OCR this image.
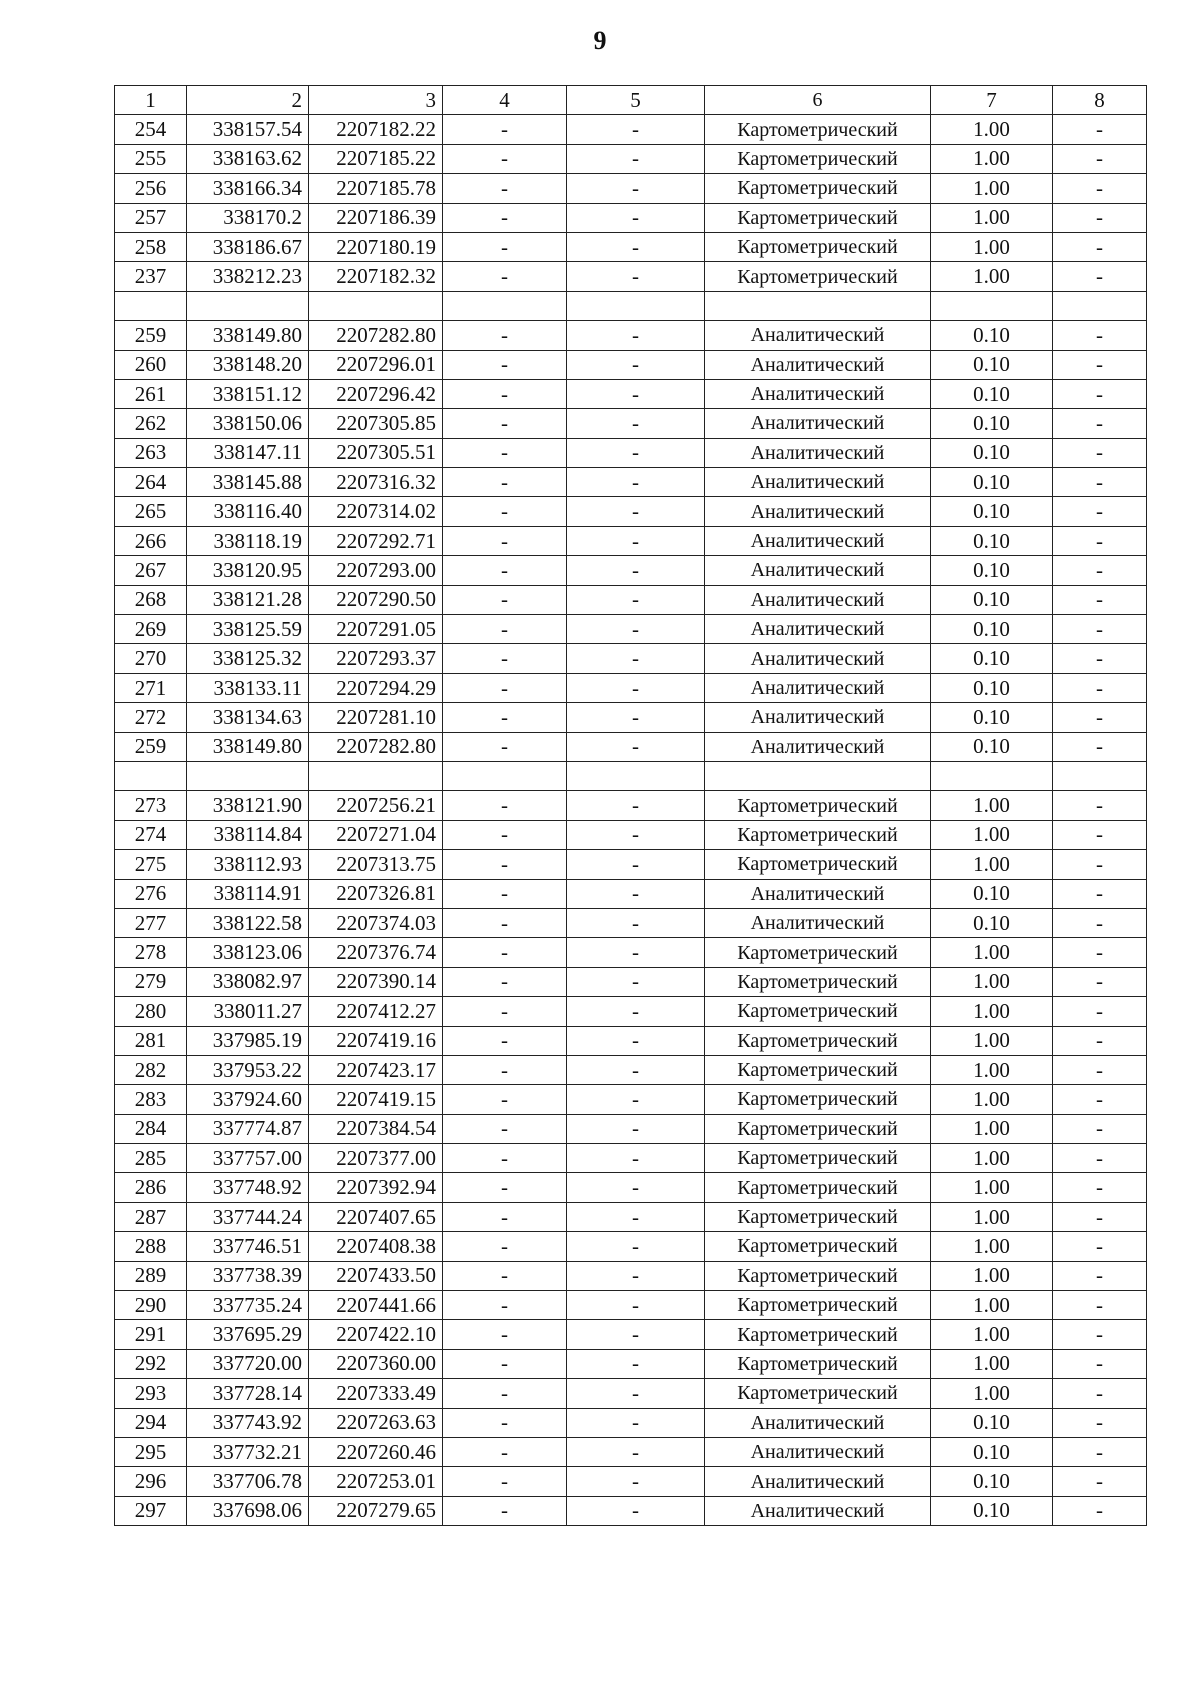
9
1	2	3	4	5	6	7	8
254	338157.54	2207182.22	-	-	Картометрический	1.00	-
255	338163.62	2207185.22	-	-	Картометрический	1.00	-
256	338166.34	2207185.78	-	-	Картометрический	1.00	-
257	338170.2	2207186.39	-	-	Картометрический	1.00	-
258	338186.67	2207180.19	-	-	Картометрический	1.00	-
237	338212.23	2207182.32	-	-	Картометрический	1.00	-

259	338149.80	2207282.80	-	-	Аналитический	0.10	-
260	338148.20	2207296.01	-	-	Аналитический	0.10	-
261	338151.12	2207296.42	-	-	Аналитический	0.10	-
262	338150.06	2207305.85	-	-	Аналитический	0.10	-
263	338147.11	2207305.51	-	-	Аналитический	0.10	-
264	338145.88	2207316.32	-	-	Аналитический	0.10	-
265	338116.40	2207314.02	-	-	Аналитический	0.10	-
266	338118.19	2207292.71	-	-	Аналитический	0.10	-
267	338120.95	2207293.00	-	-	Аналитический	0.10	-
268	338121.28	2207290.50	-	-	Аналитический	0.10	-
269	338125.59	2207291.05	-	-	Аналитический	0.10	-
270	338125.32	2207293.37	-	-	Аналитический	0.10	-
271	338133.11	2207294.29	-	-	Аналитический	0.10	-
272	338134.63	2207281.10	-	-	Аналитический	0.10	-
259	338149.80	2207282.80	-	-	Аналитический	0.10	-

273	338121.90	2207256.21	-	-	Картометрический	1.00	-
274	338114.84	2207271.04	-	-	Картометрический	1.00	-
275	338112.93	2207313.75	-	-	Картометрический	1.00	-
276	338114.91	2207326.81	-	-	Аналитический	0.10	-
277	338122.58	2207374.03	-	-	Аналитический	0.10	-
278	338123.06	2207376.74	-	-	Картометрический	1.00	-
279	338082.97	2207390.14	-	-	Картометрический	1.00	-
280	338011.27	2207412.27	-	-	Картометрический	1.00	-
281	337985.19	2207419.16	-	-	Картометрический	1.00	-
282	337953.22	2207423.17	-	-	Картометрический	1.00	-
283	337924.60	2207419.15	-	-	Картометрический	1.00	-
284	337774.87	2207384.54	-	-	Картометрический	1.00	-
285	337757.00	2207377.00	-	-	Картометрический	1.00	-
286	337748.92	2207392.94	-	-	Картометрический	1.00	-
287	337744.24	2207407.65	-	-	Картометрический	1.00	-
288	337746.51	2207408.38	-	-	Картометрический	1.00	-
289	337738.39	2207433.50	-	-	Картометрический	1.00	-
290	337735.24	2207441.66	-	-	Картометрический	1.00	-
291	337695.29	2207422.10	-	-	Картометрический	1.00	-
292	337720.00	2207360.00	-	-	Картометрический	1.00	-
293	337728.14	2207333.49	-	-	Картометрический	1.00	-
294	337743.92	2207263.63	-	-	Аналитический	0.10	-
295	337732.21	2207260.46	-	-	Аналитический	0.10	-
296	337706.78	2207253.01	-	-	Аналитический	0.10	-
297	337698.06	2207279.65	-	-	Аналитический	0.10	-
